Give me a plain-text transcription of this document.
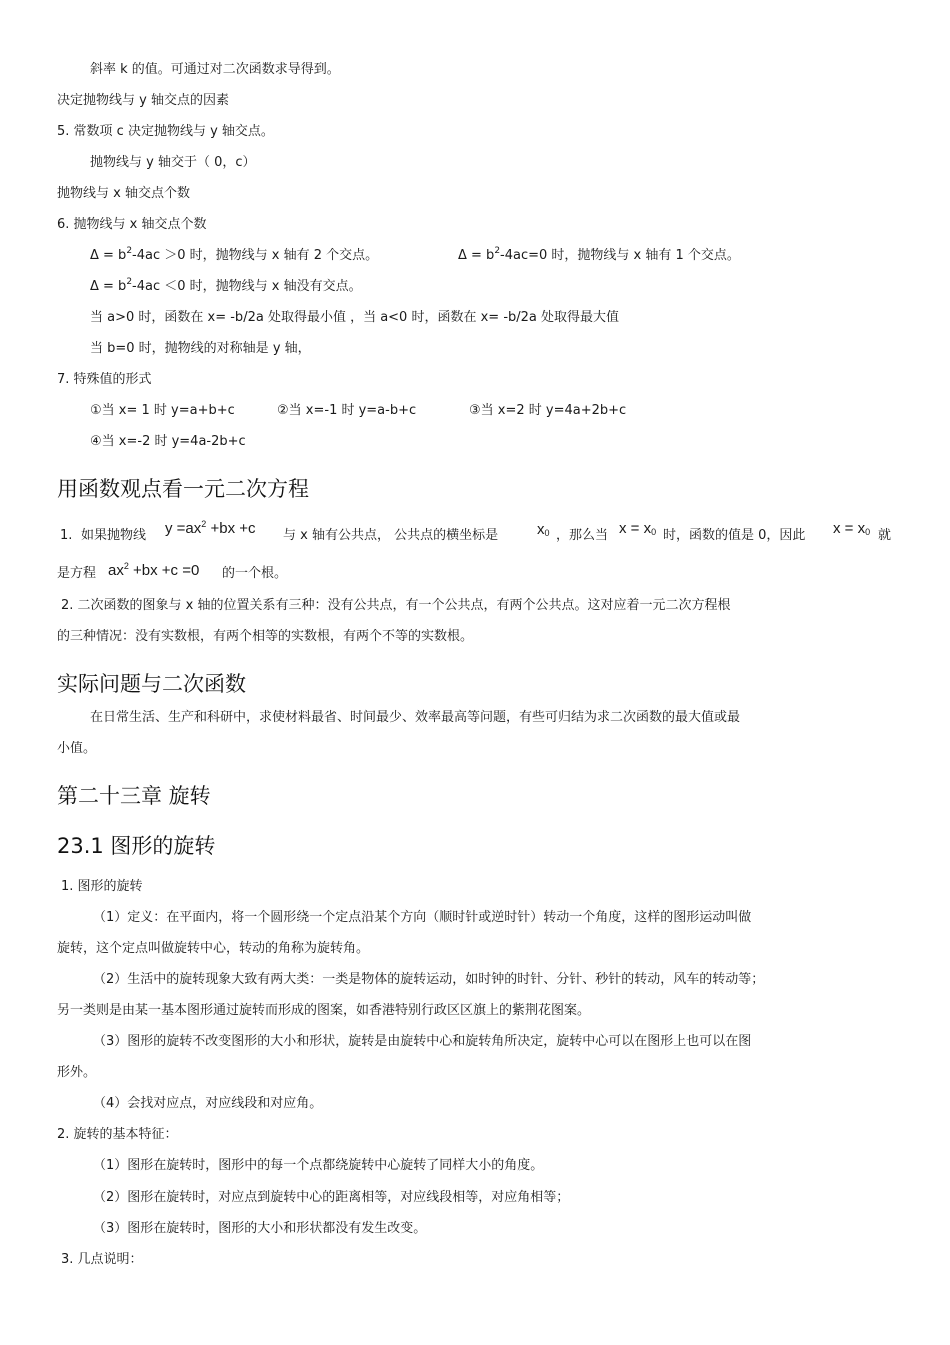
斜率 k 的值。可通过对二次函数求导得到。
决定抛物线与 y 轴交点的因素
5. 常数项 c 决定抛物线与 y 轴交点。
抛物线与 y 轴交于（ 0，c）
抛物线与 x 轴交点个数
6. 抛物线与 x 轴交点个数
$\Delta = b^2-4ac >0$ 时，抛物线与 x 轴有 2 个交点。	$\Delta = b^2-4ac=0$ 时，抛物线与 x 轴有 1 个交点。
$\Delta = b^2-4ac <0$ 时，抛物线与 x 轴没有交点。
当 a>0 时，函数在 x= -b/2a 处取得最小值 ，当 a<0 时，函数在 x= -b/2a 处取得最大值
当 b=0 时，抛物线的对称轴是 y 轴，
7. 特殊值的形式
①当 x= 1 时 y=a+b+c	②当 x=-1 时 y=a-b+c	③当 x=2 时 y=4a+2b+c
④当 x=-2 时 y=4a-2b+c
用函数观点看一元二次方程
1. 如果抛物线 $y =ax^2 +bx +c$ 与 x 轴有公共点， 公共点的横坐标是	$x_0$ ，那么当 $x = x_0$ 时，函数的值是 0，因此 $x = x_0$ 就
是方程 $ax^2 +bx +c =0$ 的一个根。
2. 二次函数的图象与 x 轴的位置关系有三种：没有公共点，有一个公共点，有两个公共点。这对应着一元二次方程根
的三种情况：没有实数根，有两个相等的实数根，有两个不等的实数根。
实际问题与二次函数
在日常生活、生产和科研中，求使材料最省、时间最少、效率最高等问题，有些可归结为求二次函数的最大值或最
小值。
第二十三章 旋转
23.1 图形的旋转
1. 图形的旋转
（1）定义：在平面内，将一个圆形绕一个定点沿某个方向（顺时针或逆时针）转动一个角度，这样的图形运动叫做
旋转，这个定点叫做旋转中心，转动的角称为旋转角。
（2）生活中的旋转现象大致有两大类：一类是物体的旋转运动，如时钟的时针、分针、秒针的转动，风车的转动等；
另一类则是由某一基本图形通过旋转而形成的图案，如香港特别行政区区旗上的紫荆花图案。
（3）图形的旋转不改变图形的大小和形状，旋转是由旋转中心和旋转角所决定，旋转中心可以在图形上也可以在图
形外。
（4）会找对应点，对应线段和对应角。
2. 旋转的基本特征：
（1）图形在旋转时，图形中的每一个点都绕旋转中心旋转了同样大小的角度。
（2）图形在旋转时，对应点到旋转中心的距离相等，对应线段相等，对应角相等；
（3）图形在旋转时，图形的大小和形状都没有发生改变。
3. 几点说明：
